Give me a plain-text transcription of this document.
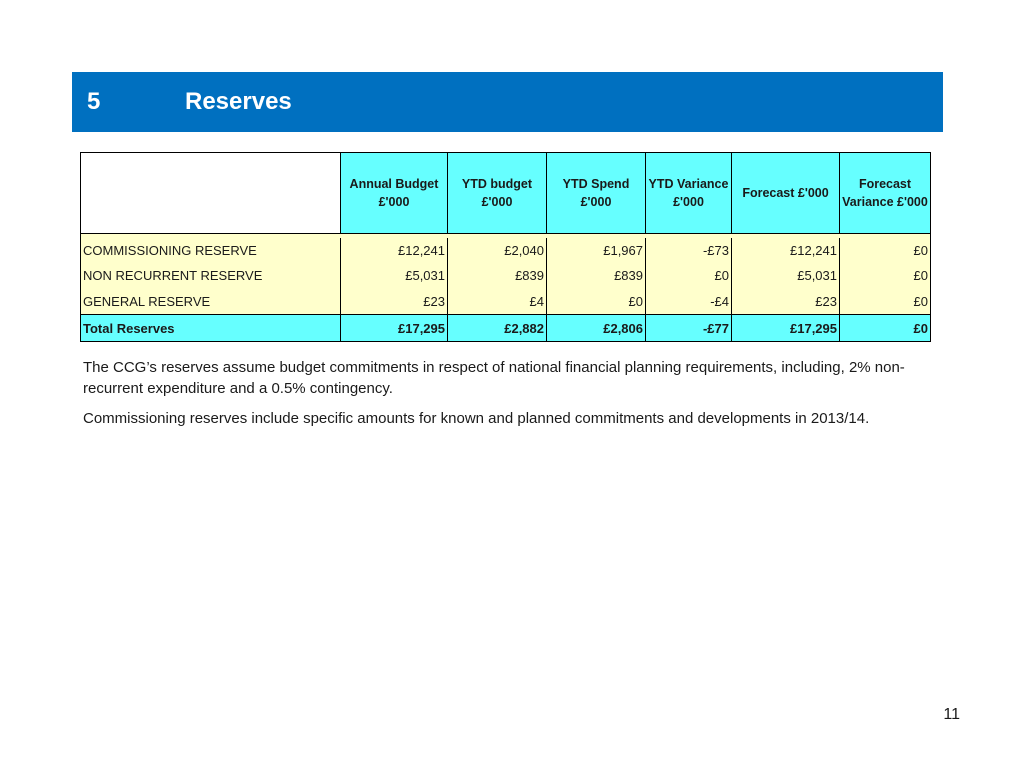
5	Reserves
	Annual Budget £'000	YTD budget £'000	YTD Spend £'000	YTD Variance £'000	Forecast £'000	Forecast Variance £'000

COMMISSIONING RESERVE	£12,241	£2,040	£1,967	-£73	£12,241	£0
NON RECURRENT RESERVE	£5,031	£839	£839	£0	£5,031	£0
GENERAL RESERVE	£23	£4	£0	-£4	£23	£0
Total Reserves	£17,295	£2,882	£2,806	-£77	£17,295	£0

The CCG’s reserves assume budget commitments in respect of national financial planning requirements, including, 2% non-recurrent expenditure and a 0.5% contingency.

Commissioning reserves include specific amounts for known and planned commitments and developments in 2013/14.

11
